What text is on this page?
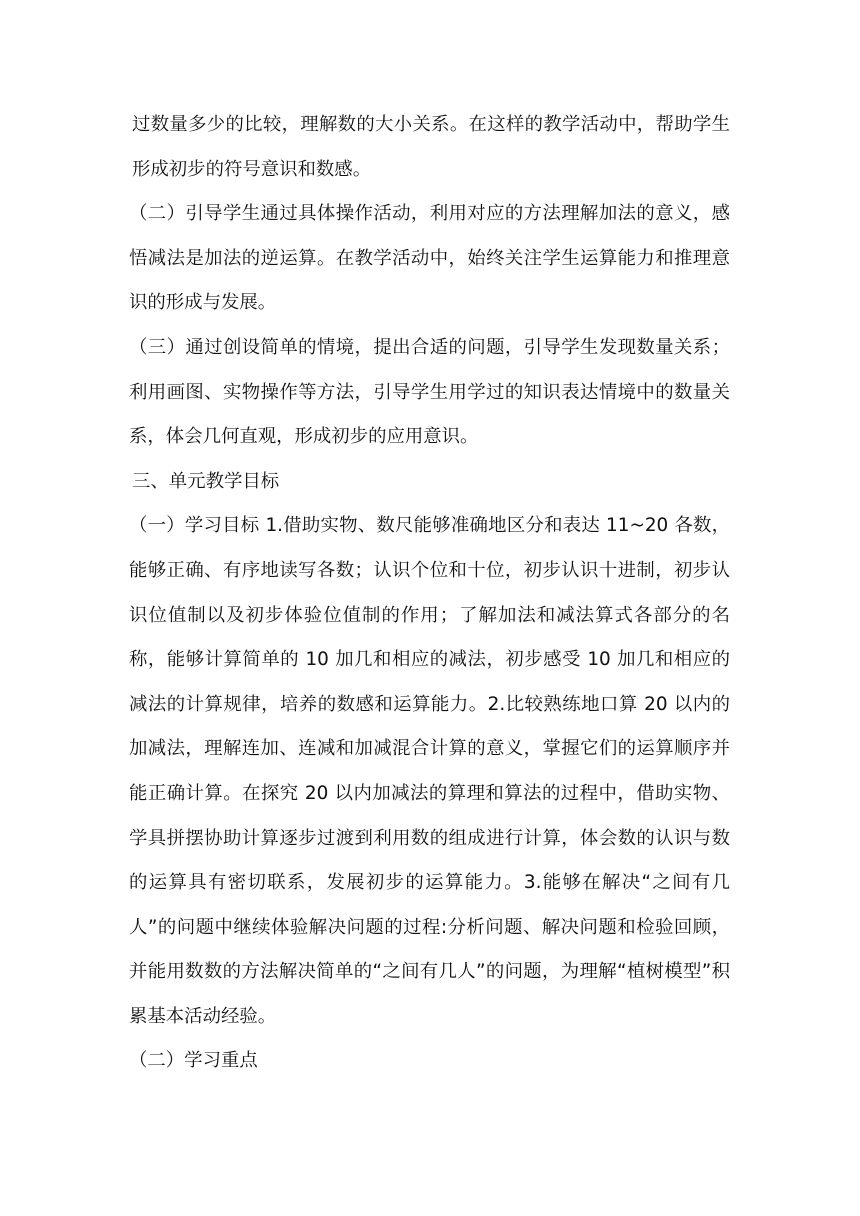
过数量多少的比较，理解数的大小关系。在这样的教学活动中，帮助学生形成初步的符号意识和数感。

（二）引导学生通过具体操作活动，利用对应的方法理解加法的意义，感悟减法是加法的逆运算。在教学活动中，始终关注学生运算能力和推理意识的形成与发展。

（三）通过创设简单的情境，提出合适的问题，引导学生发现数量关系；利用画图、实物操作等方法，引导学生用学过的知识表达情境中的数量关系，体会几何直观，形成初步的应用意识。

三、单元教学目标

（一）学习目标 1.借助实物、数尺能够准确地区分和表达 11~20 各数，能够正确、有序地读写各数；认识个位和十位，初步认识十进制，初步认识位值制以及初步体验位值制的作用；了解加法和减法算式各部分的名称，能够计算简单的 10 加几和相应的减法，初步感受 10 加几和相应的减法的计算规律，培养的数感和运算能力。2.比较熟练地口算 20 以内的加减法，理解连加、连减和加减混合计算的意义，掌握它们的运算顺序并能正确计算。在探究 20 以内加减法的算理和算法的过程中，借助实物、学具拼摆协助计算逐步过渡到利用数的组成进行计算，体会数的认识与数的运算具有密切联系，发展初步的运算能力。3.能够在解决“之间有几人”的问题中继续体验解决问题的过程:分析问题、解决问题和检验回顾，并能用数数的方法解决简单的“之间有几人”的问题，为理解“植树模型”积累基本活动经验。

（二）学习重点
